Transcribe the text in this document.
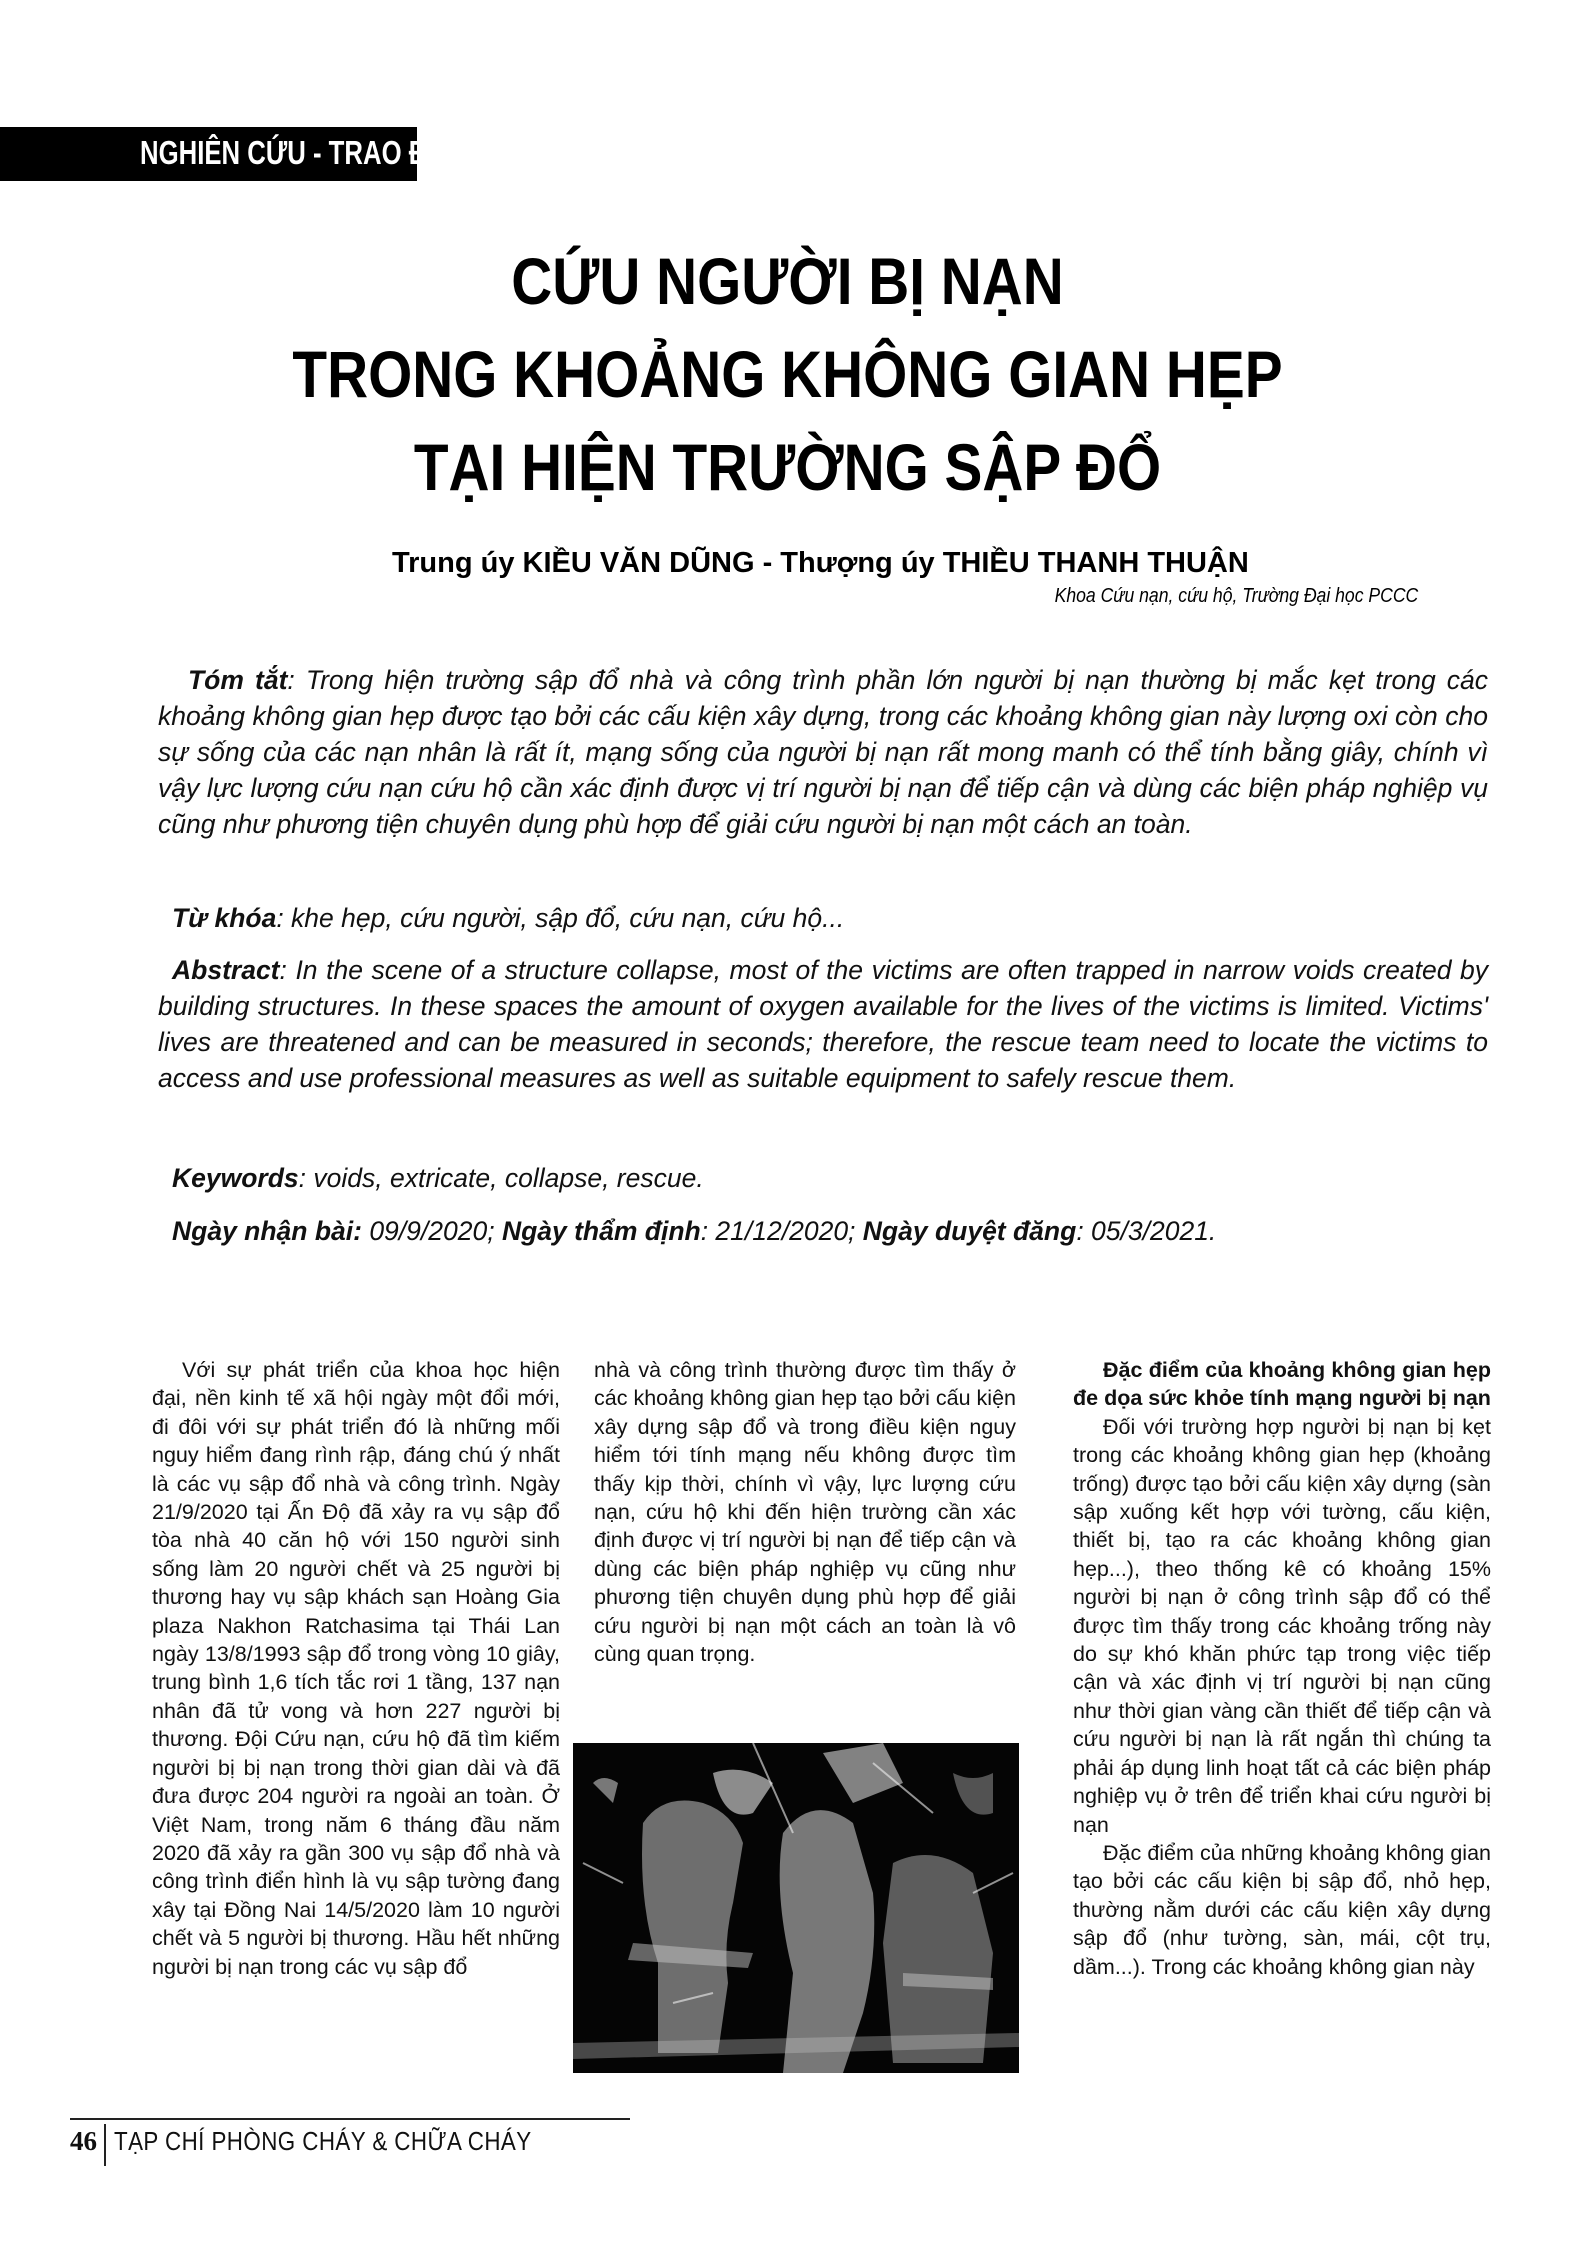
NGHIÊN CỨU - TRAO ĐỔI
CỨU NGƯỜI BỊ NẠN
TRONG KHOẢNG KHÔNG GIAN HẸP
TẠI HIỆN TRƯỜNG SẬP ĐỔ
Trung úy KIỀU VĂN DŨNG - Thượng úy THIỀU THANH THUẬN
Khoa Cứu nạn, cứu hộ, Trường Đại học PCCC

Tóm tắt: Trong hiện trường sập đổ nhà và công trình phần lớn người bị nạn thường bị mắc kẹt trong các khoảng không gian hẹp được tạo bởi các cấu kiện xây dựng, trong các khoảng không gian này lượng oxi còn cho sự sống của các nạn nhân là rất ít, mạng sống của người bị nạn rất mong manh có thể tính bằng giây, chính vì vậy lực lượng cứu nạn cứu hộ cần xác định được vị trí người bị nạn để tiếp cận và dùng các biện pháp nghiệp vụ cũng như phương tiện chuyên dụng phù hợp để giải cứu người bị nạn một cách an toàn.

Từ khóa: khe hẹp, cứu người, sập đổ, cứu nạn, cứu hộ...

Abstract: In the scene of a structure collapse, most of the victims are often trapped in narrow voids created by building structures. In these spaces the amount of oxygen available for the lives of the victims is limited. Victims' lives are threatened and can be measured in seconds; therefore, the rescue team need to locate the victims to access and use professional measures as well as suitable equipment to safely rescue them.

Keywords: voids, extricate, collapse, rescue.

Ngày nhận bài: 09/9/2020; Ngày thẩm định: 21/12/2020; Ngày duyệt đăng: 05/3/2021.

Với sự phát triển của khoa học hiện đại, nền kinh tế xã hội ngày một đổi mới, đi đôi với sự phát triển đó là những mối nguy hiểm đang rình rập, đáng chú ý nhất là các vụ sập đổ nhà và công trình. Ngày 21/9/2020 tại Ấn Độ đã xảy ra vụ sập đổ tòa nhà 40 căn hộ với 150 người sinh sống làm 20 người chết và 25 người bị thương hay vụ sập khách sạn Hoàng Gia plaza Nakhon Ratchasima tại Thái Lan ngày 13/8/1993 sập đổ trong vòng 10 giây, trung bình 1,6 tích tắc rơi 1 tầng, 137 nạn nhân đã tử vong và hơn 227 người bị thương. Đội Cứu nạn, cứu hộ đã tìm kiếm người bị bị nạn trong thời gian dài và đã đưa được 204 người ra ngoài an toàn. Ở Việt Nam, trong năm 6 tháng đầu năm 2020 đã xảy ra gần 300 vụ sập đổ nhà và công trình điển hình là vụ sập tường đang xây tại Đồng Nai 14/5/2020 làm 10 người chết và 5 người bị thương. Hầu hết những người bị nạn trong các vụ sập đổ

nhà và công trình thường được tìm thấy ở các khoảng không gian hẹp tạo bởi cấu kiện xây dựng sập đổ và trong điều kiện nguy hiểm tới tính mạng nếu không được tìm thấy kịp thời, chính vì vậy, lực lượng cứu nạn, cứu hộ khi đến hiện trường cần xác định được vị trí người bị nạn để tiếp cận và dùng các biện pháp nghiệp vụ cũng như phương tiện chuyên dụng phù hợp để giải cứu người bị nạn một cách an toàn là vô cùng quan trọng.

Đặc điểm của khoảng không gian hẹp đe dọa sức khỏe tính mạng người bị nạn

Đối với trường hợp người bị nạn bị kẹt trong các khoảng không gian hẹp (khoảng trống) được tạo bởi cấu kiện xây dựng (sàn sập xuống kết hợp với tường, cấu kiện, thiết bị, tạo ra các khoảng không gian hẹp...), theo thống kê có khoảng 15% người bị nạn ở công trình sập đổ có thể được tìm thấy trong các khoảng trống này do sự khó khăn phức tạp trong việc tiếp cận và xác định vị trí người bị nạn cũng như thời gian vàng cần thiết để tiếp cận và cứu người bị nạn là rất ngắn thì chúng ta phải áp dụng linh hoạt tất cả các biện pháp nghiệp vụ ở trên để triển khai cứu người bị nạn

Đặc điểm của những khoảng không gian tạo bởi các cấu kiện bị sập đổ, nhỏ hẹp, thường nằm dưới các cấu kiện xây dựng sập đổ (như tường, sàn, mái, cột trụ, dầm...). Trong các khoảng không gian này

46 TẠP CHÍ PHÒNG CHÁY & CHỮA CHÁY
